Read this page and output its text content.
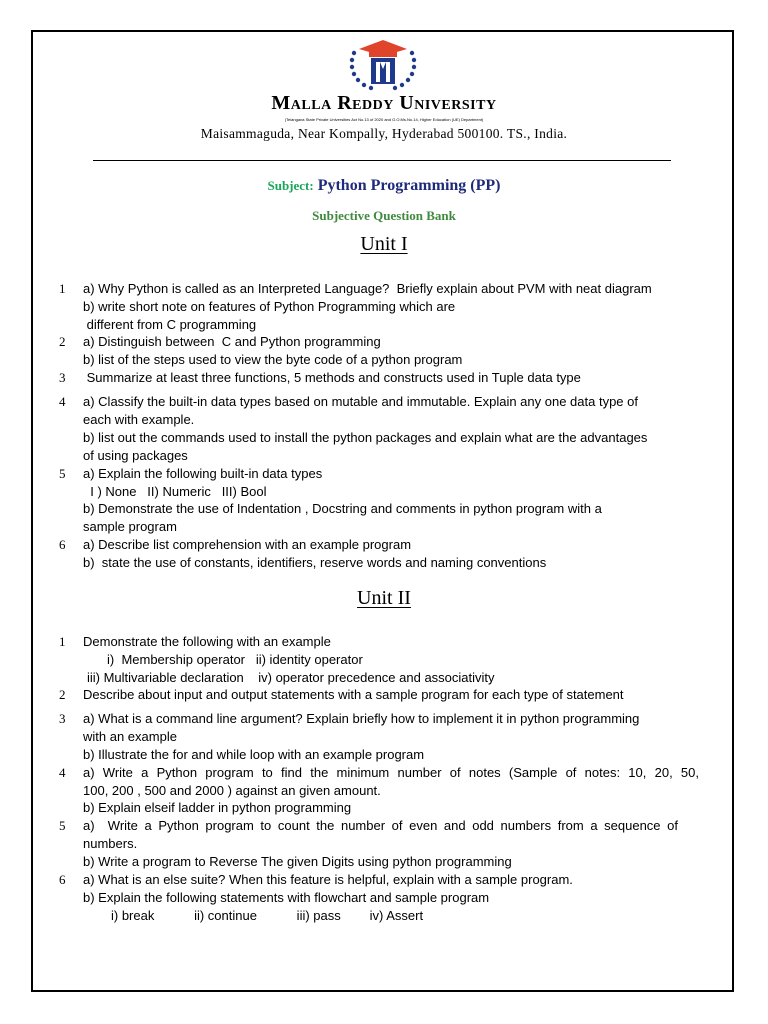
Malla Reddy University
(Telangana State Private Universities Act No.13 of 2020 and G.O.Ms.No.14, Higher Education (UE) Department)
Maisammaguda, Near Kompally, Hyderabad 500100. TS., India.
Subject: Python Programming (PP)
Subjective Question Bank
Unit I
1
2
3
4
5
6
a) Why Python is called as an Interpreted Language?  Briefly explain about PVM with neat diagram
b) write short note on features of Python Programming which are
different from C programming
a) Distinguish between  C and Python programming
b) list of the steps used to view the byte code of a python program
Summarize at least three functions, 5 methods and constructs used in Tuple data type
a) Classify the built-in data types based on mutable and immutable. Explain any one data type of
each with example.
b) list out the commands used to install the python packages and explain what are the advantages
of using packages
a) Explain the following built-in data types
I ) None   II) Numeric   III) Bool
b) Demonstrate the use of Indentation , Docstring and comments in python program with a
sample program
a) Describe list comprehension with an example program
b)  state the use of constants, identifiers, reserve words and naming conventions
Unit II
1
2
3
4
5
6
Demonstrate the following with an example
i)  Membership operator   ii) identity operator
iii) Multivariable declaration    iv) operator precedence and associativity
Describe about input and output statements with a sample program for each type of statement
a) What is a command line argument? Explain briefly how to implement it in python programming
with an example
b) Illustrate the for and while loop with an example program
a) Write a Python program to find the minimum number of notes (Sample of notes: 10, 20, 50,
100, 200 , 500 and 2000 ) against an given amount.
b) Explain elseif ladder in python programming
a)  Write a Python program to count the number of even and odd numbers from a sequence of
numbers.
b) Write a program to Reverse The given Digits using python programming
a) What is an else suite? When this feature is helpful, explain with a sample program.
b) Explain the following statements with flowchart and sample program
i) break           ii) continue           iii) pass        iv) Assert
